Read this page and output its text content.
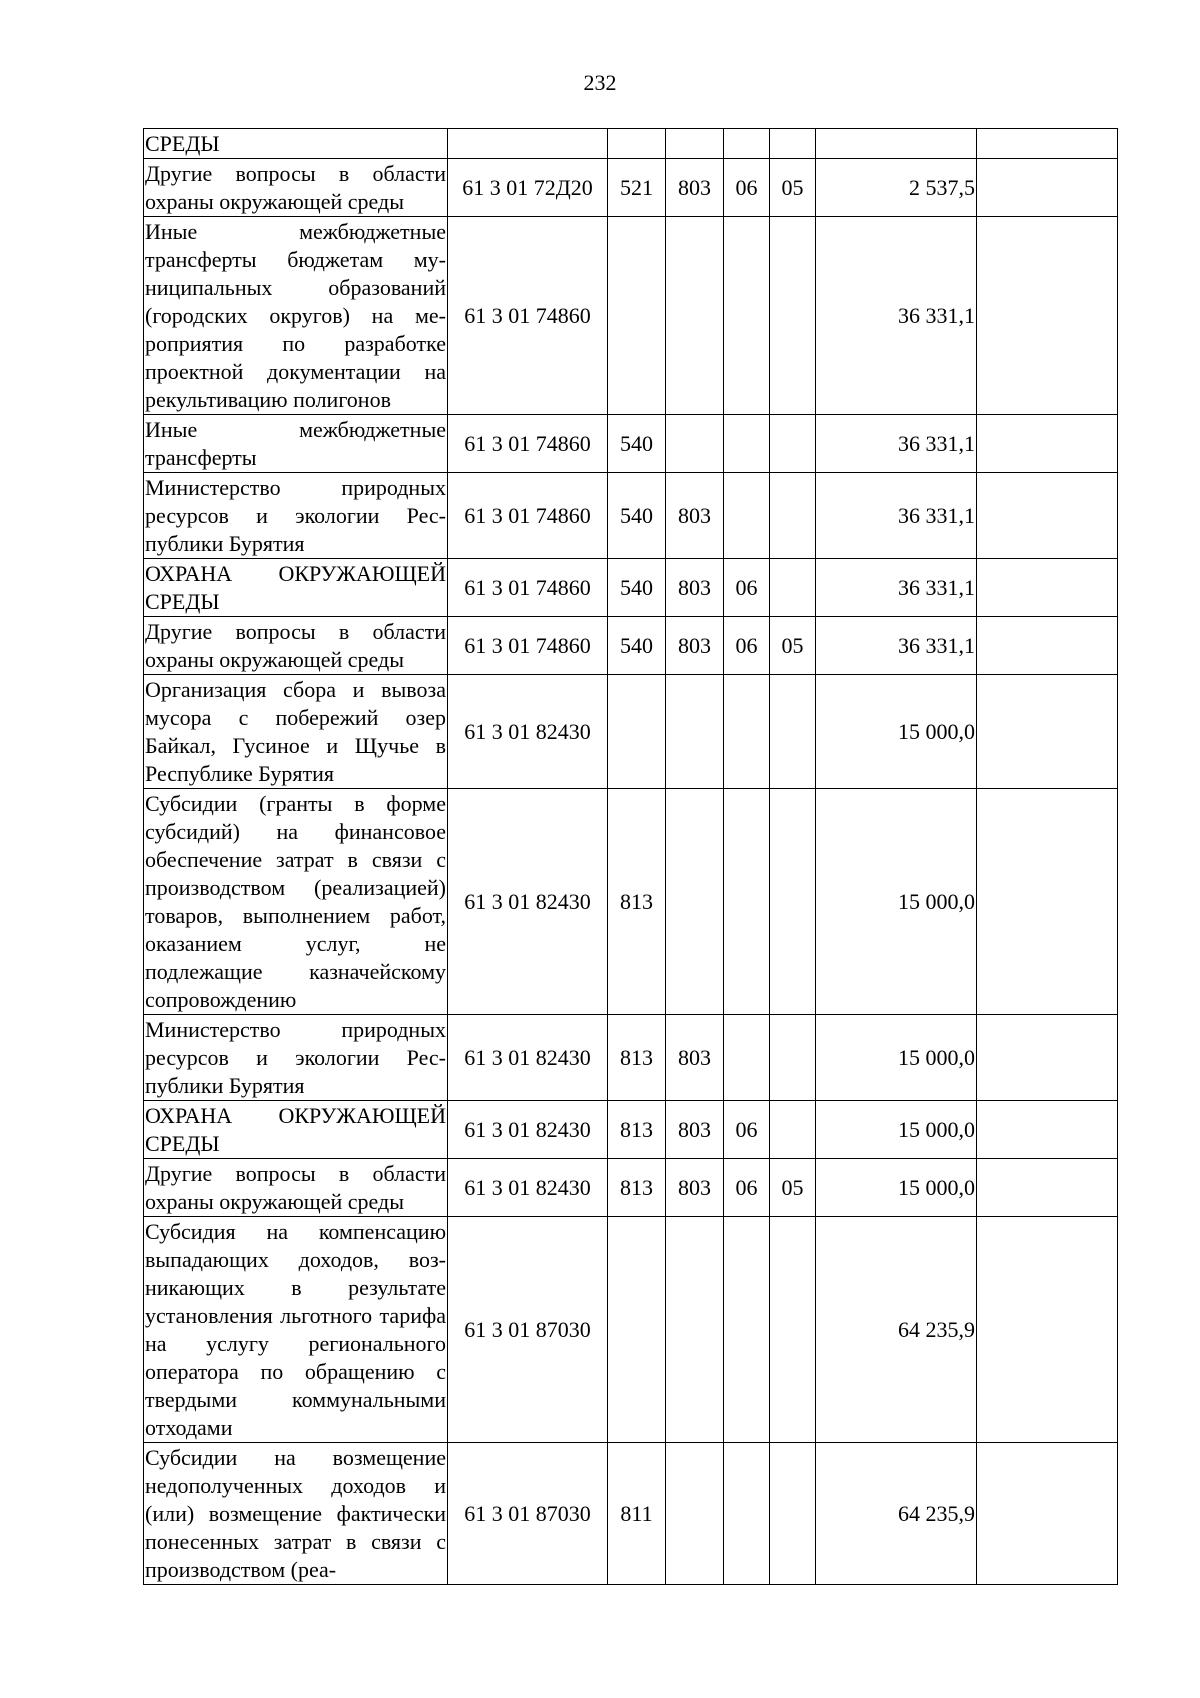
232
СРЕДЫ							
Другие вопросы в области охраны окружающей среды	61 3 01 72Д20	521	803	06	05	2 537,5	
Иные межбюджетные трансферты бюджетам муниципальных образований (городских округов) на мероприятия по разработке проектной документации на рекультивацию полигонов	61 3 01 74860					36 331,1	
Иные межбюджетные трансферты	61 3 01 74860	540				36 331,1	
Министерство природных ресурсов и экологии Республики Бурятия	61 3 01 74860	540	803			36 331,1	
ОХРАНА ОКРУЖАЮЩЕЙ СРЕДЫ	61 3 01 74860	540	803	06		36 331,1	
Другие вопросы в области охраны окружающей среды	61 3 01 74860	540	803	06	05	36 331,1	
Организация сбора и вывоза мусора с побережий озер Байкал, Гусиное и Щучье в Республике Бурятия	61 3 01 82430					15 000,0	
Субсидии (гранты в форме субсидий) на финансовое обеспечение затрат в связи с производством (реализацией) товаров, выполнением работ, оказанием услуг, не подлежащие казначейскому сопровождению	61 3 01 82430	813				15 000,0	
Министерство природных ресурсов и экологии Республики Бурятия	61 3 01 82430	813	803			15 000,0	
ОХРАНА ОКРУЖАЮЩЕЙ СРЕДЫ	61 3 01 82430	813	803	06		15 000,0	
Другие вопросы в области охраны окружающей среды	61 3 01 82430	813	803	06	05	15 000,0	
Субсидия на компенсацию выпадающих доходов, возникающих в результате установления льготного тарифа на услугу регионального оператора по обращению с твердыми коммунальными отходами	61 3 01 87030					64 235,9	
Субсидии на возмещение недополученных доходов и (или) возмещение фактически понесенных затрат в связи с производством (реа-	61 3 01 87030	811				64 235,9	
